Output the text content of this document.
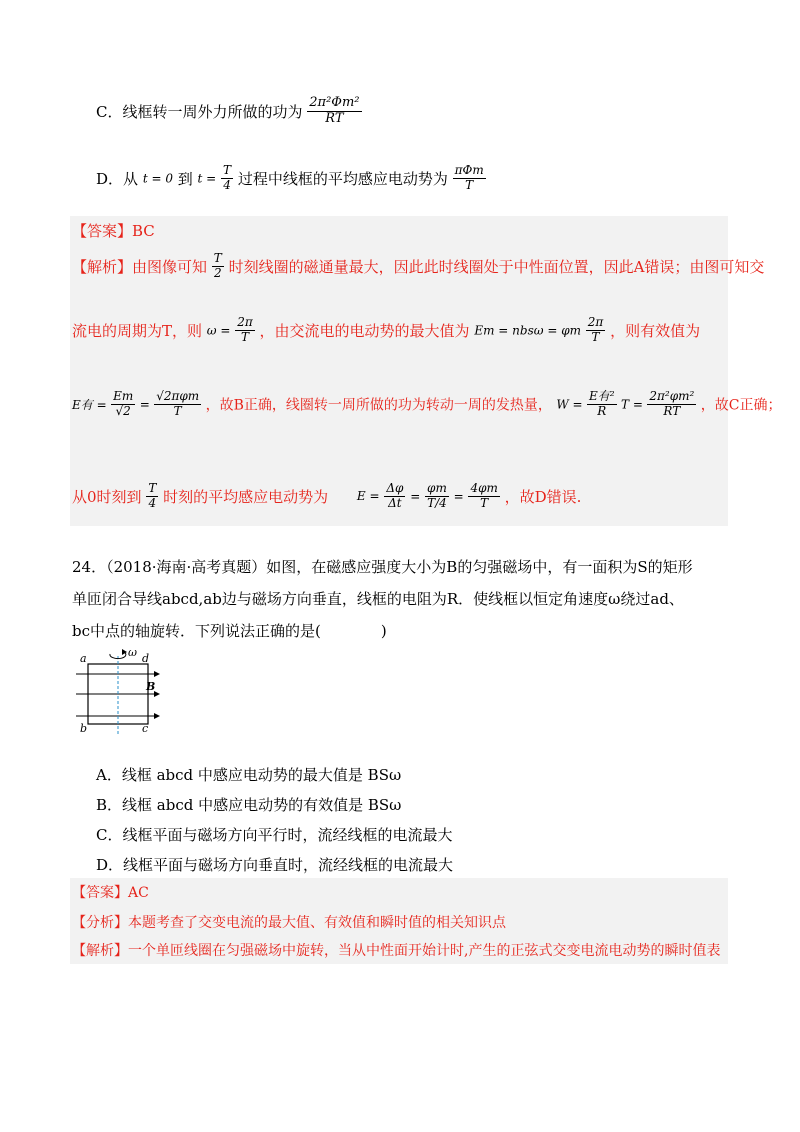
C．线框转一周外力所做的功为 $\frac{\text{2π²Φm²}}{RT}$
D．从 t = 0 到 $t = \frac{T}{4}$ 过程中线框的平均感应电动势为 $\frac{\text{πΦm}}{T}$
【答案】BC
【解析】由图像可知 $\frac{T}{2}$ 时刻线圈的磁通量最大，因此此时线圈处于中性面位置，因此A错误；由图可知交
流电的周期为T，则 $\omega = \frac{2\pi}{T}$ ，由交流电的电动势的最大值为 Em = nbsω = φm $\frac{2\pi}{T}$ ，则有效值为
E有 = $\frac{Em}{√2} = \frac{\text{√2πφm}}{T}$ ，故B正确，线圈转一周所做的功为转动一周的发热量， $W = \frac{\text{E有²}}{R}$ $T = \frac{\text{2π²φm²}}{RT}$ ，故C正确；
从0时刻到 $\frac{T}{4}$ 时刻的平均感应电动势为 $E = \frac{\Delta\varphi}{\Delta t} = \frac{\varphi m}{T/4} = \frac{4\varphi m}{T}$ ，故D错误.
24．（2018·海南·高考真题）如图，在磁感应强度大小为B的匀强磁场中，有一面积为S的矩形
单匝闭合导线abcd,ab边与磁场方向垂直，线框的电阻为R．使线框以恒定角速度ω绕过ad、
bc中点的轴旋转．下列说法正确的是(　　　　)
ω
a	d
b	c
B
A．线框 abcd 中感应电动势的最大值是 BSω
B．线框 abcd 中感应电动势的有效值是 BSω
C．线框平面与磁场方向平行时，流经线框的电流最大
D．线框平面与磁场方向垂直时，流经线框的电流最大
【答案】AC
【分析】本题考查了交变电流的最大值、有效值和瞬时值的相关知识点
【解析】一个单匝线圈在匀强磁场中旋转，当从中性面开始计时,产生的正弦式交变电流电动势的瞬时值表
